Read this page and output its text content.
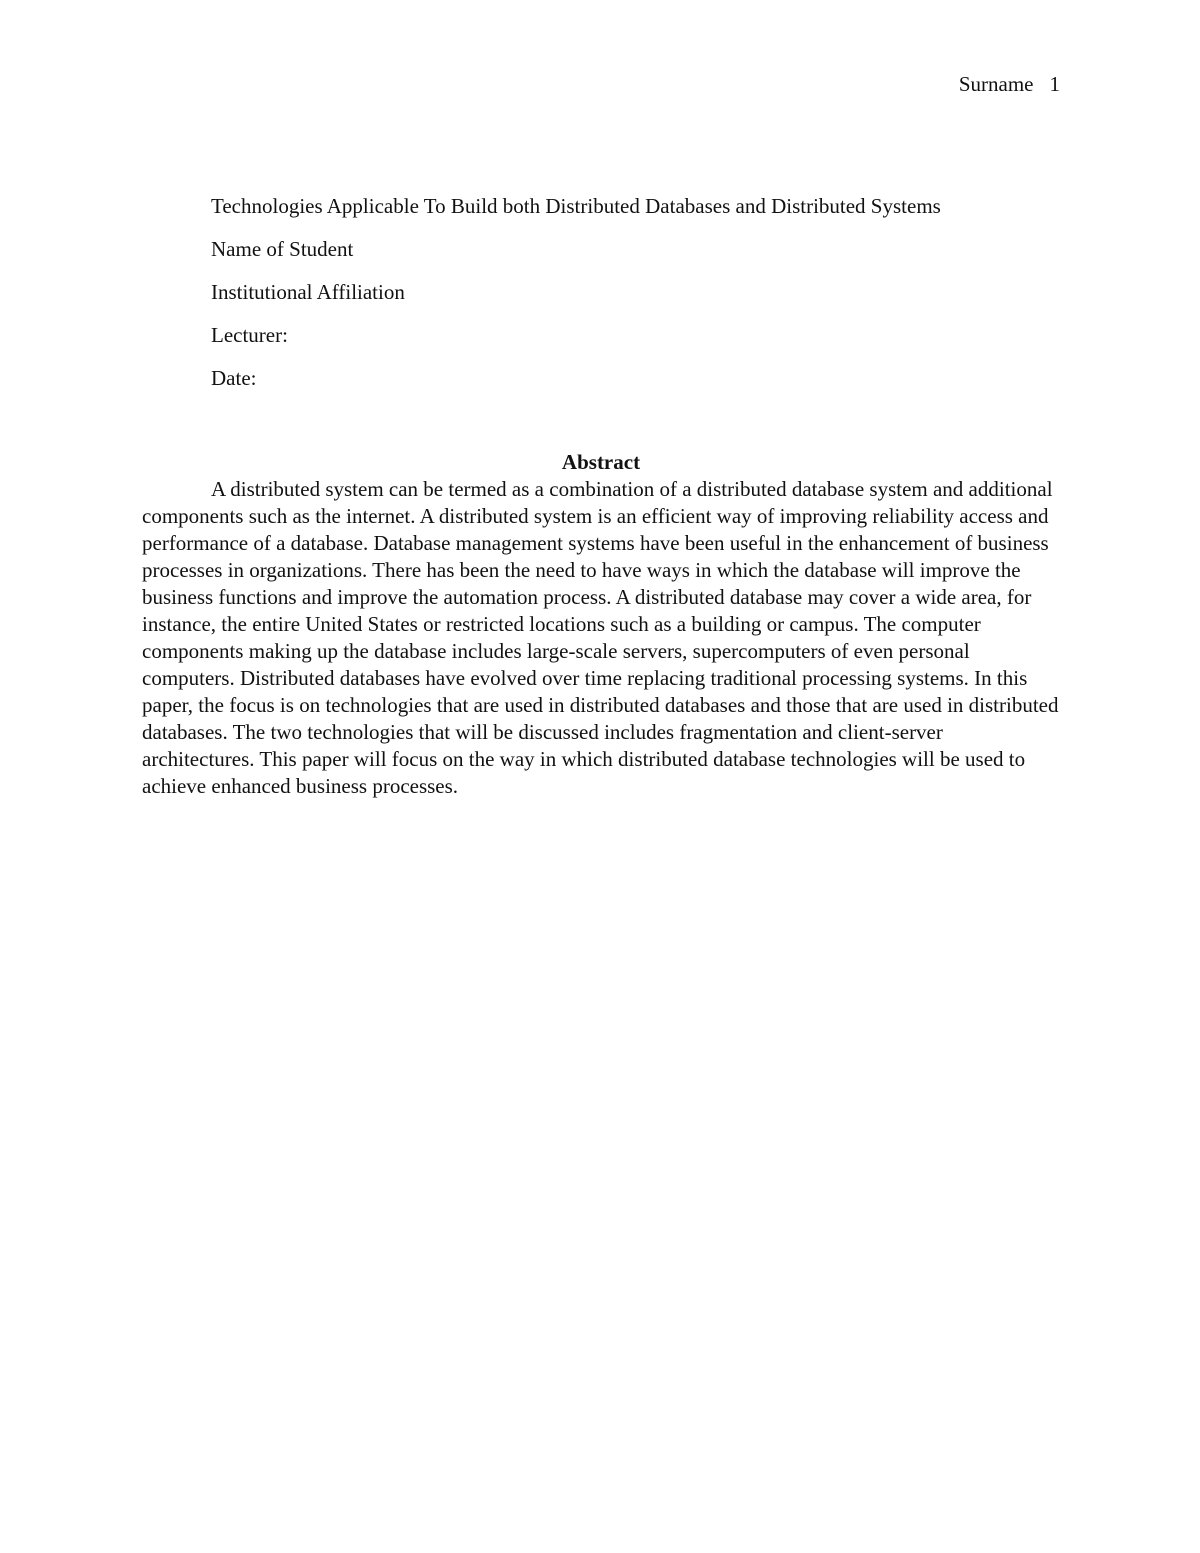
Surname 1
Technologies Applicable To Build both Distributed Databases and Distributed Systems
Name of Student
Institutional Affiliation
Lecturer:
Date:
Abstract

A distributed system can be termed as a combination of a distributed database system and additional components such as the internet. A distributed system is an efficient way of improving reliability access and performance of a database. Database management systems have been useful in the enhancement of business processes in organizations. There has been the need to have ways in which the database will improve the business functions and improve the automation process. A distributed database may cover a wide area, for instance, the entire United States or restricted locations such as a building or campus. The computer components making up the database includes large-scale servers, supercomputers of even personal computers. Distributed databases have evolved over time replacing traditional processing systems. In this paper, the focus is on technologies that are used in distributed databases and those that are used in distributed databases. The two technologies that will be discussed includes fragmentation and client-server architectures. This paper will focus on the way in which distributed database technologies will be used to achieve enhanced business processes.
